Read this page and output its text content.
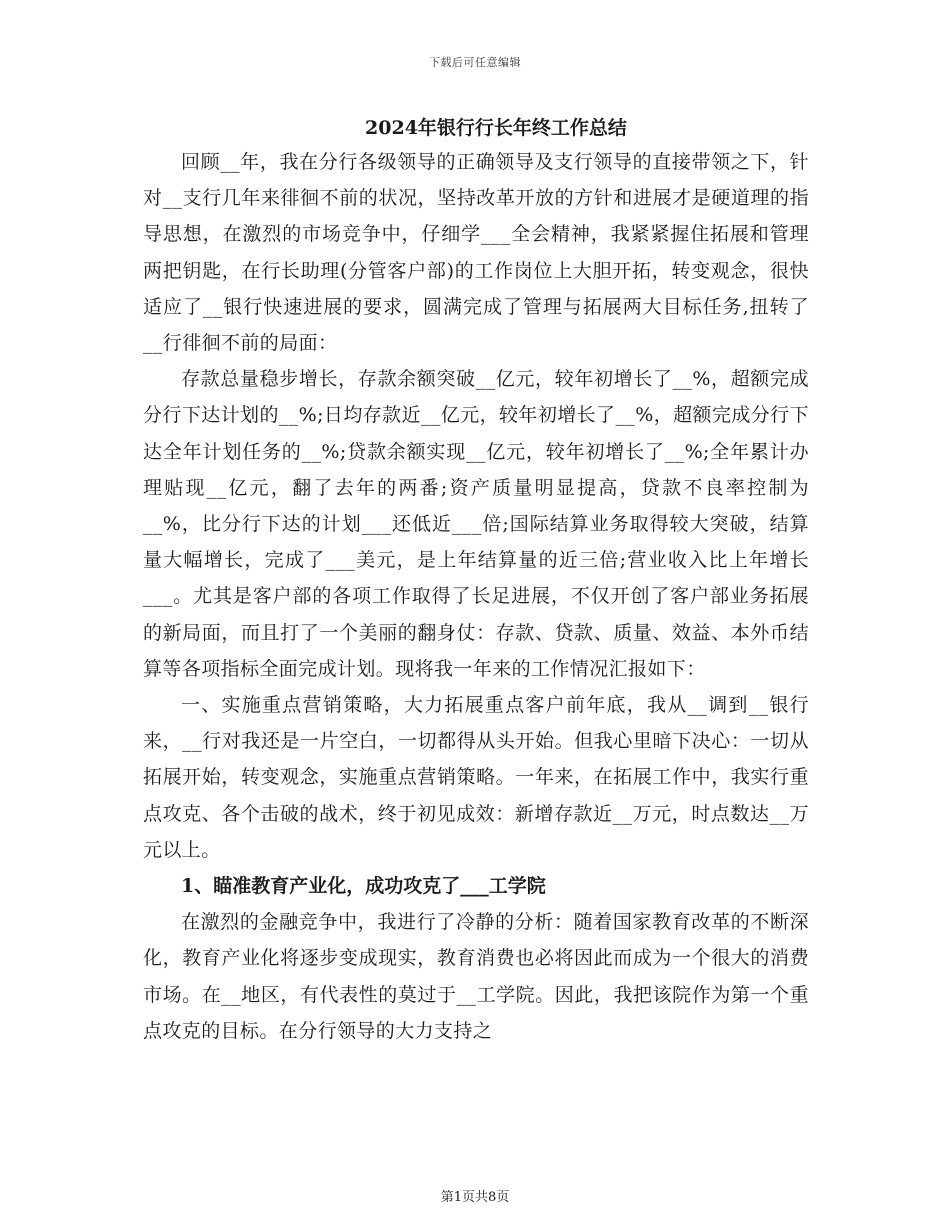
下载后可任意编辑
2024年银行行长年终工作总结

回顾__年，我在分行各级领导的正确领导及支行领导的直接带领之下，针对__支行几年来徘徊不前的状况，坚持改革开放的方针和进展才是硬道理的指导思想，在激烈的市场竞争中，仔细学___全会精神，我紧紧握住拓展和管理两把钥匙，在行长助理(分管客户部)的工作岗位上大胆开拓，转变观念，很快适应了__银行快速进展的要求，圆满完成了管理与拓展两大目标任务,扭转了__行徘徊不前的局面：

存款总量稳步增长，存款余额突破__亿元，较年初增长了__%，超额完成分行下达计划的__%;日均存款近__亿元，较年初增长了__%，超额完成分行下达全年计划任务的__%;贷款余额实现__亿元，较年初增长了__%;全年累计办理贴现__亿元，翻了去年的两番;资产质量明显提高，贷款不良率控制为__%，比分行下达的计划___还低近___倍;国际结算业务取得较大突破，结算量大幅增长，完成了___美元，是上年结算量的近三倍;营业收入比上年增长___。尤其是客户部的各项工作取得了长足进展，不仅开创了客户部业务拓展的新局面，而且打了一个美丽的翻身仗：存款、贷款、质量、效益、本外币结算等各项指标全面完成计划。现将我一年来的工作情况汇报如下：

一、实施重点营销策略，大力拓展重点客户前年底，我从__调到__银行来，__行对我还是一片空白，一切都得从头开始。但我心里暗下决心：一切从拓展开始，转变观念，实施重点营销策略。一年来，在拓展工作中，我实行重点攻克、各个击破的战术，终于初见成效：新增存款近__万元，时点数达__万元以上。

1、瞄准教育产业化，成功攻克了___工学院

在激烈的金融竞争中，我进行了冷静的分析：随着国家教育改革的不断深化，教育产业化将逐步变成现实，教育消费也必将因此而成为一个很大的消费市场。在__地区，有代表性的莫过于__工学院。因此，我把该院作为第一个重点攻克的目标。在分行领导的大力支持之

第1页共8页
